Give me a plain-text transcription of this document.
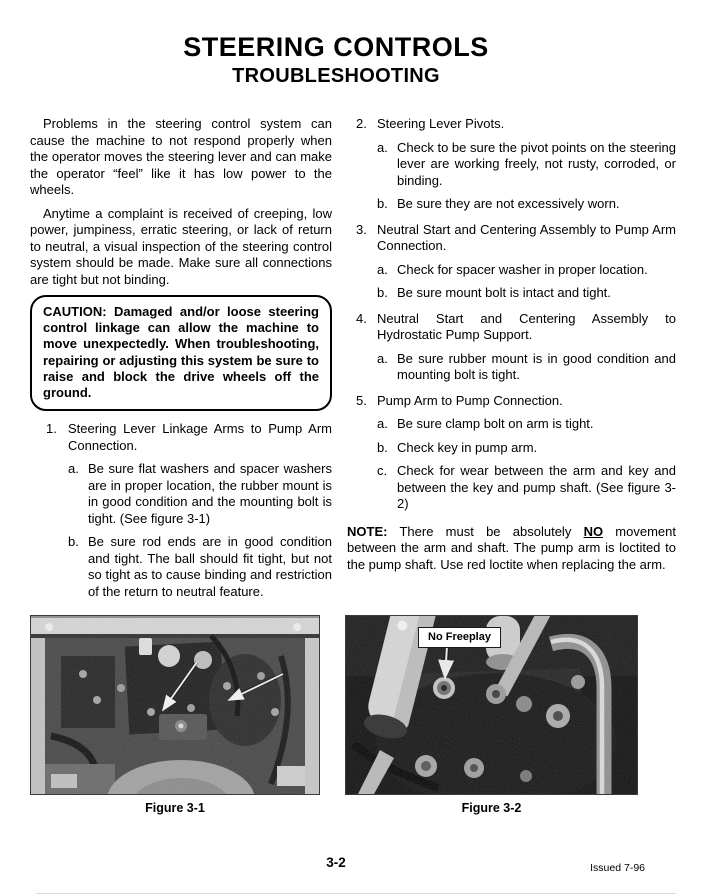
STEERING CONTROLS
TROUBLESHOOTING

Problems in the steering control system can cause the machine to not respond properly when the operator moves the steering lever and can make the operator “feel” like it has low power to the wheels.

Anytime a complaint is received of creeping, low power, jumpiness, erratic steering, or lack of return to neutral, a visual inspection of the steering control system should be made. Make sure all connections are tight but not binding.

CAUTION: Damaged and/or loose steering control linkage can allow the machine to move unexpectedly. When troubleshooting, repairing or adjusting this system be sure to raise and block the drive wheels off the ground.
1. Steering Lever Linkage Arms to Pump Arm Connection.
a. Be sure flat washers and spacer washers are in proper location, the rubber mount is in good condition and the mounting bolt is tight. (See figure 3-1)
b. Be sure rod ends are in good condition and tight. The ball should fit tight, but not so tight as to cause binding and restriction of the return to neutral feature.
2. Steering Lever Pivots.
a. Check to be sure the pivot points on the steering lever are working freely, not rusty, corroded, or binding.
b. Be sure they are not excessively worn.
3. Neutral Start and Centering Assembly to Pump Arm Connection.
a. Check for spacer washer in proper location.
b. Be sure mount bolt is intact and tight.
4. Neutral Start and Centering Assembly to Hydrostatic Pump Support.
a. Be sure rubber mount is in good condition and mounting bolt is tight.
5. Pump Arm to Pump Connection.
a. Be sure clamp bolt on arm is tight.
b. Check key in pump arm.
c. Check for wear between the arm and key and between the key and pump shaft. (See figure 3-2)

NOTE: There must be absolutely NO movement between the arm and shaft. The pump arm is loctited to the pump shaft. Use red loctite when replacing the arm.

Figure 3-1
No Freeplay
Figure 3-2
3-2	Issued 7-96
